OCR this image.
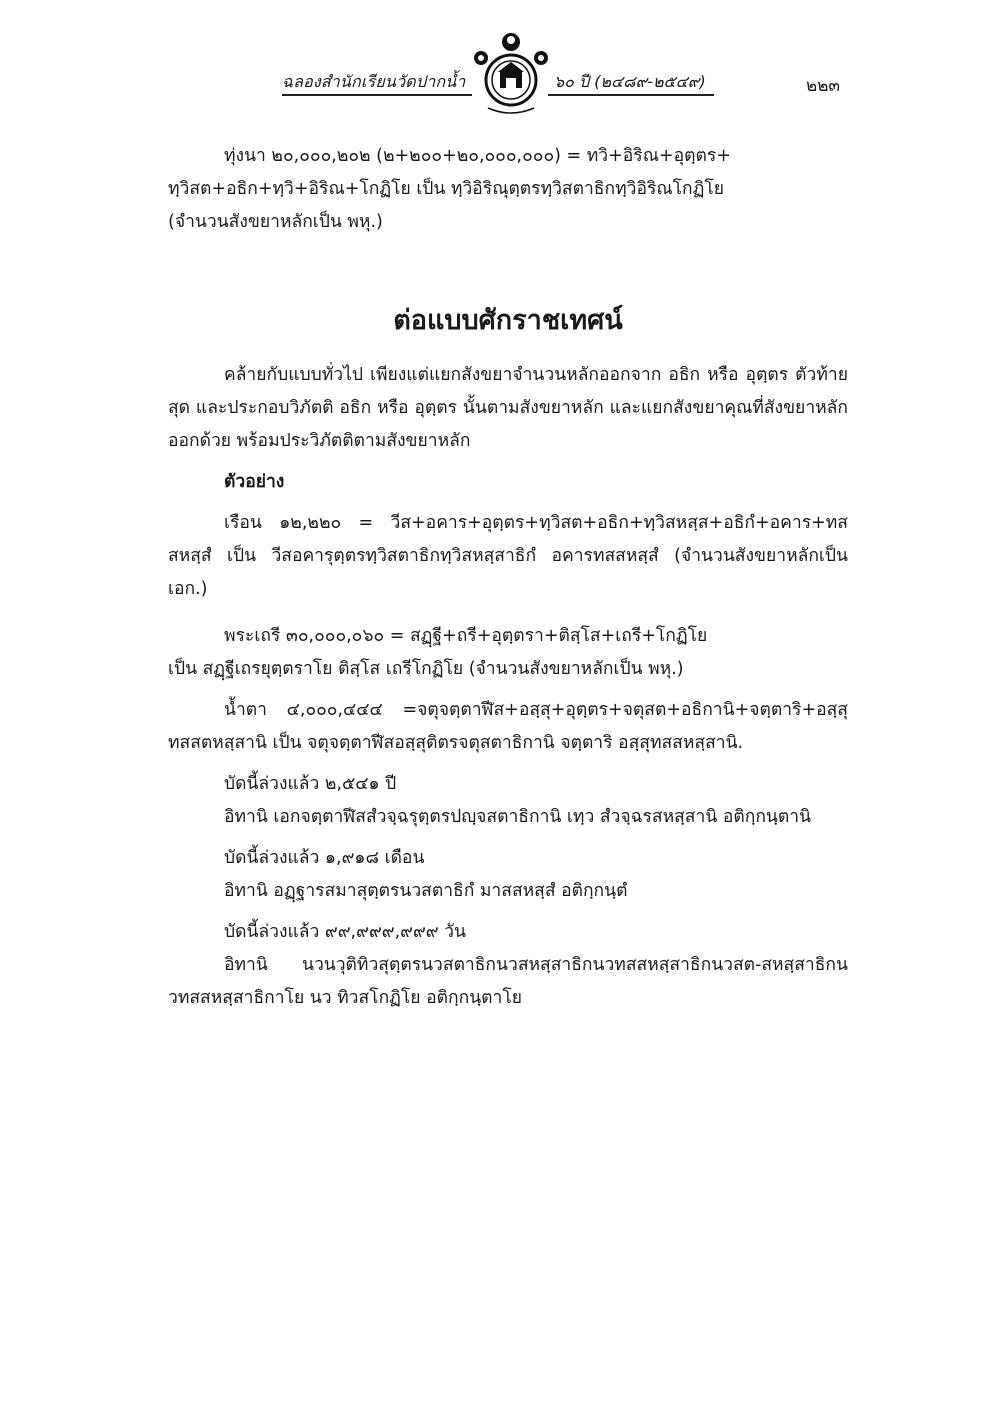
ฉลองสำนักเรียนวัดปากน้ำ	๖๐ ปี (๒๔๘๙-๒๕๔๙)	๒๒๓

ทุ่งนา ๒๐,๐๐๐,๒๐๒ (๒+๒๐๐+๒๐,๐๐๐,๐๐๐) = ทวิ+อิริณ+อุตฺตร+

ทฺวิสต+อธิก+ทฺวิ+อิริณ+โกฏิโย เป็น ทฺวิอิริณุตฺตรทฺวิสตาธิกทฺวิอิริณโกฏิโย

(จำนวนสังขยาหลักเป็น พหุ.)

ต่อแบบศักราชเทศน์

คล้ายกับแบบทั่วไป เพียงแต่แยกสังขยาจำนวนหลักออกจาก อธิก หรือ อุตฺตร ตัวท้ายสุด และประกอบวิภัตติ อธิก หรือ อุตฺตร นั้นตามสังขยาหลัก และแยกสังขยาคุณที่สังขยาหลักออกด้วย พร้อมประวิภัตติตามสังขยาหลัก

ตัวอย่าง

เรือน ๑๒,๒๒๐ = วีส+อคาร+อุตฺตร+ทฺวิสต+อธิก+ทฺวิสหสฺส+อธิกํ+อคาร+ทสสหสฺสํ เป็น วีสอคารุตฺตรทฺวิสตาธิกทฺวิสหสฺสาธิกํ อคารทสสหสฺสํ (จำนวนสังขยาหลักเป็น เอก.)

พระเถรี ๓๐,๐๐๐,๐๖๐ = สฏฺฐี+ถรี+อุตฺตรา+ติสฺโส+เถรี+โกฏิโย

เป็น สฏฺฐีเถรยุตฺตราโย ติสฺโส เถรีโกฏิโย (จำนวนสังขยาหลักเป็น พหุ.)

น้ำตา ๔,๐๐๐,๔๔๔ =จตุจตฺตาฬีส+อสฺสุ+อุตฺตร+จตุสต+อธิกานิ+จตฺตาริ+อสฺสุทสสตหสฺสานิ เป็น จตุจตฺตาฬีสอสฺสุติตรจตุสตาธิกานิ จตฺตาริ อสฺสุทสสหสฺสานิ.

บัดนี้ล่วงแล้ว ๒,๕๔๑ ปี

อิทานิ เอกจตฺตาฬีสสํวจฺฉรุตฺตรปญฺจสตาธิกานิ เทฺว สํวจฺฉรสหสฺสานิ อติกฺกนฺตานิ

บัดนี้ล่วงแล้ว ๑,๙๑๘ เดือน

อิทานิ อฏฺฐารสมาสุตฺตรนวสตาธิกํ มาสสหสฺสํ อติกฺกนฺตํ

บัดนี้ล่วงแล้ว ๙๙,๙๙๙,๙๙๙ วัน

อิทานิ นวนวุติทิวสุตฺตรนวสตาธิกนวสหสฺสาธิกนวทสสหสฺสาธิกนวสต-สหสฺสาธิกนวทสสหสฺสาธิกาโย นว ทิวสโกฏิโย อติกฺกนฺตาโย
